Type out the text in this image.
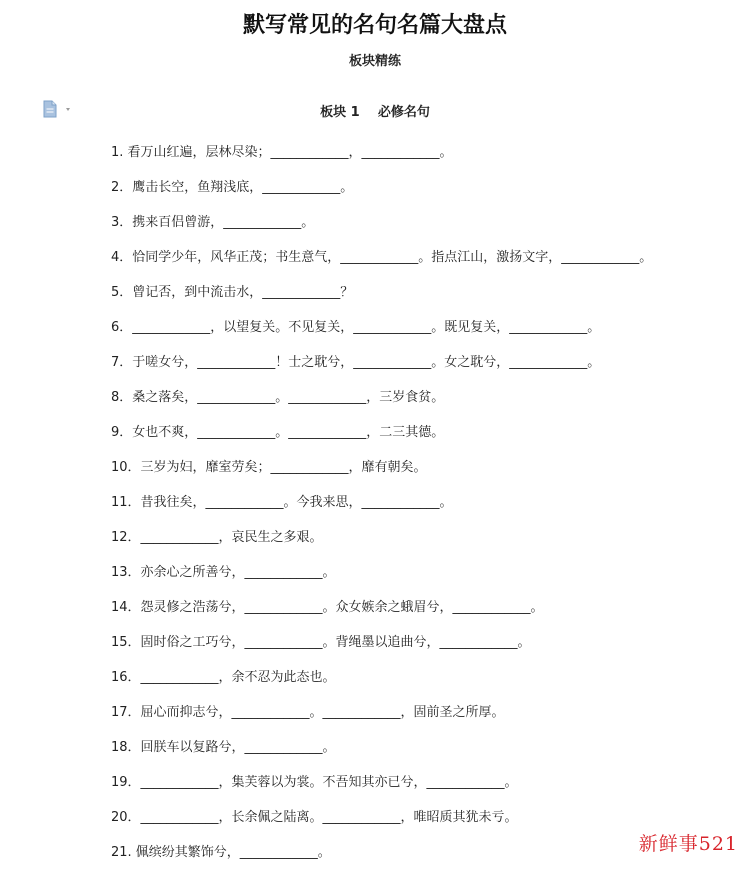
默写常见的名句名篇大盘点
板块精练
板块 1    必修名句
1. 看万山红遍，层林尽染；____________，____________。
2．鹰击长空，鱼翔浅底，____________。
3．携来百侣曾游，____________。
4．恰同学少年，风华正茂；书生意气，____________。指点江山，激扬文字，____________。
5．曾记否，到中流击水，____________？
6．____________，以望复关。不见复关，____________。既见复关，____________。
7．于嗟女兮，____________！士之耽兮，____________。女之耽兮，____________。
8．桑之落矣，____________。____________，三岁食贫。
9．女也不爽，____________。____________，二三其德。
10．三岁为妇，靡室劳矣；____________，靡有朝矣。
11．昔我往矣，____________。今我来思，____________。
12．____________，哀民生之多艰。
13．亦余心之所善兮，____________。
14．怨灵修之浩荡兮，____________。众女嫉余之蛾眉兮，____________。
15．固时俗之工巧兮，____________。背绳墨以追曲兮，____________。
16．____________，余不忍为此态也。
17．屈心而抑志兮，____________。____________，固前圣之所厚。
18．回朕车以复路兮，____________。
19．____________，集芙蓉以为裳。不吾知其亦已兮，____________。
20．____________，长余佩之陆离。____________，唯昭质其犹未亏。
21. 佩缤纷其繁饰兮，____________。	新鲜事521
